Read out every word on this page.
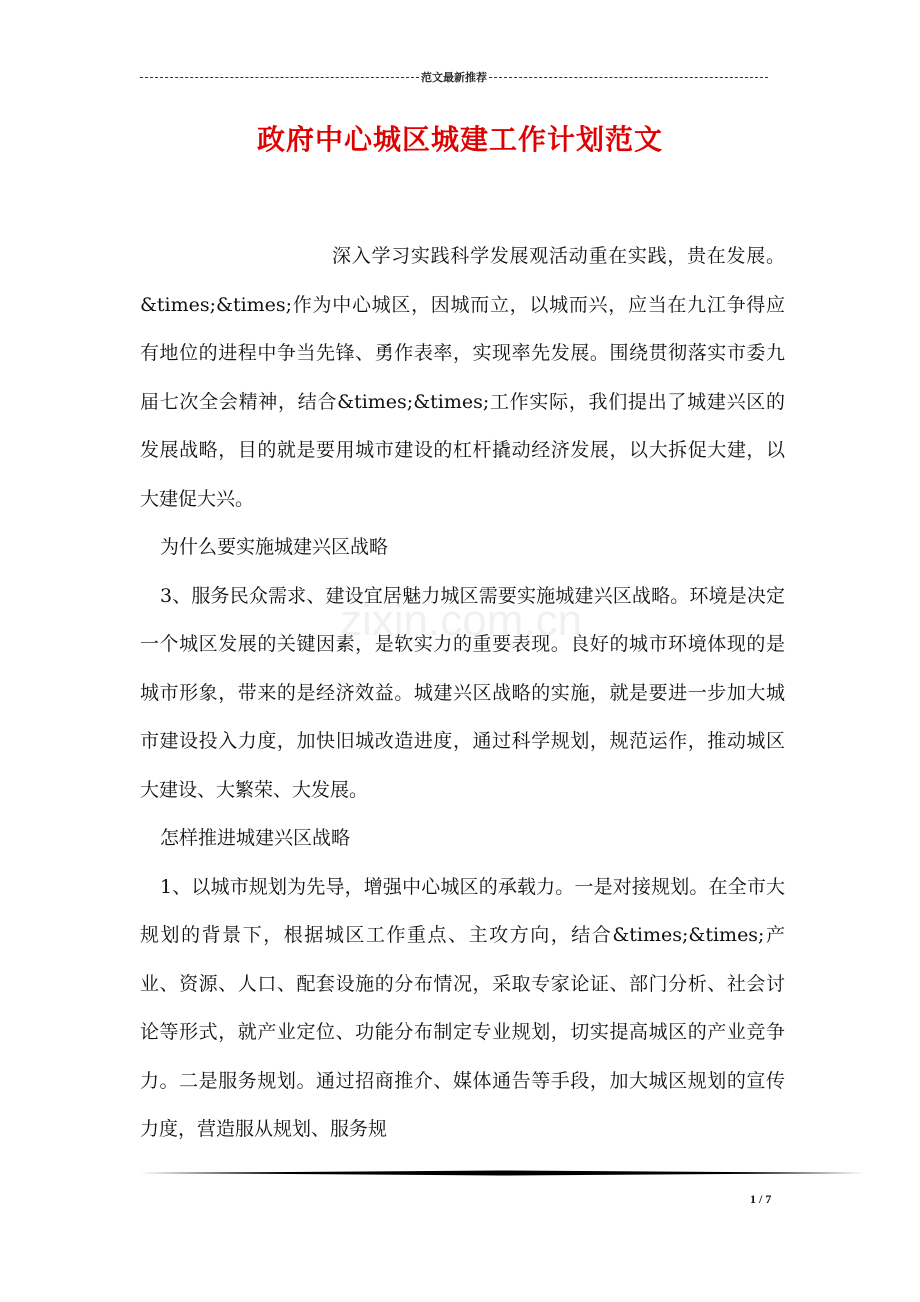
范文最新推荐
政府中心城区城建工作计划范文
zixin.com.cn

深入学习实践科学发展观活动重在实践，贵在发展。&times;&times;作为中心城区，因城而立，以城而兴，应当在九江争得应有地位的进程中争当先锋、勇作表率，实现率先发展。围绕贯彻落实市委九届七次全会精神，结合&times;&times;工作实际，我们提出了城建兴区的发展战略，目的就是要用城市建设的杠杆撬动经济发展，以大拆促大建，以大建促大兴。

为什么要实施城建兴区战略

3、服务民众需求、建设宜居魅力城区需要实施城建兴区战略。环境是决定一个城区发展的关键因素，是软实力的重要表现。良好的城市环境体现的是城市形象，带来的是经济效益。城建兴区战略的实施，就是要进一步加大城市建设投入力度，加快旧城改造进度，通过科学规划，规范运作，推动城区大建设、大繁荣、大发展。

怎样推进城建兴区战略

1、以城市规划为先导，增强中心城区的承载力。一是对接规划。在全市大规划的背景下，根据城区工作重点、主攻方向，结合&times;&times;产业、资源、人口、配套设施的分布情况，采取专家论证、部门分析、社会讨论等形式，就产业定位、功能分布制定专业规划，切实提高城区的产业竞争力。二是服务规划。通过招商推介、媒体通告等手段，加大城区规划的宣传力度，营造服从规划、服务规

1 / 7
